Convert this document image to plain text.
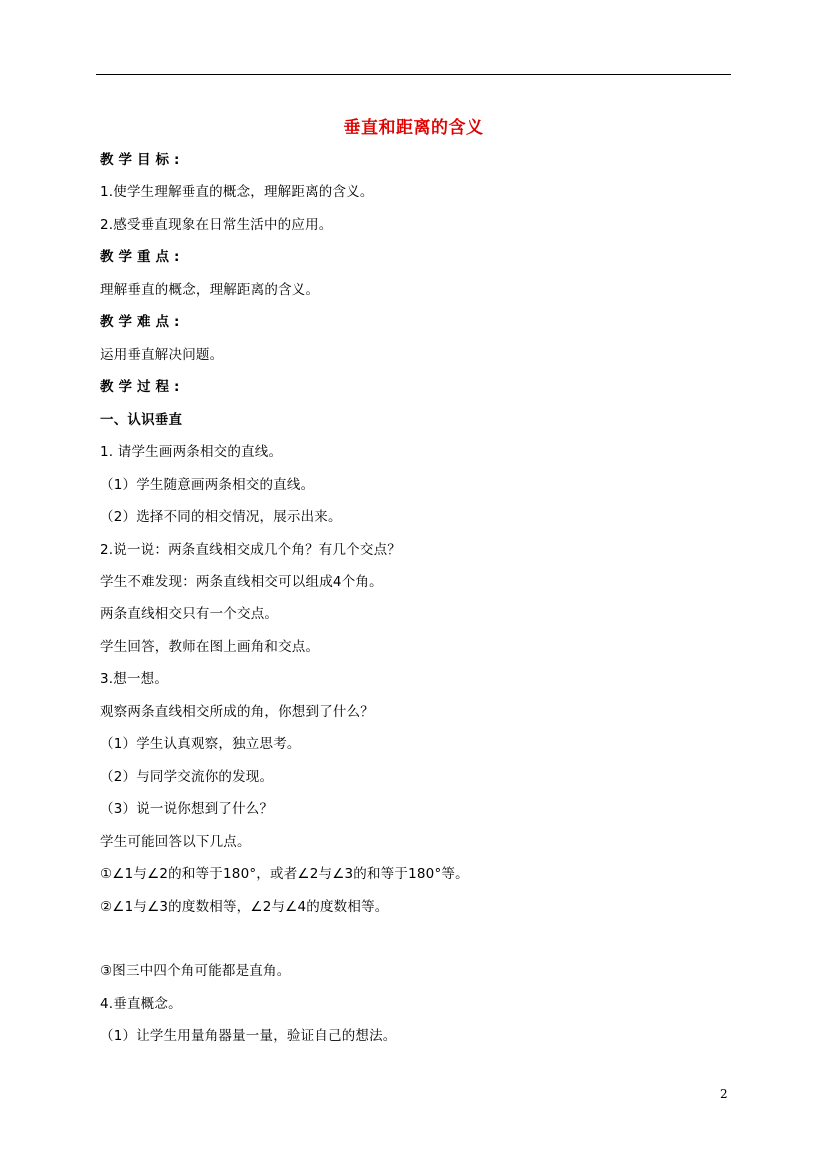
垂直和距离的含义
教学目标:
1.使学生理解垂直的概念，理解距离的含义。
2.感受垂直现象在日常生活中的应用。
教学重点:
理解垂直的概念，理解距离的含义。
教学难点:
运用垂直解决问题。
教学过程:
一、认识垂直
1. 请学生画两条相交的直线。
（1）学生随意画两条相交的直线。
（2）选择不同的相交情况，展示出来。
2.说一说：两条直线相交成几个角？有几个交点？
学生不难发现：两条直线相交可以组成4个角。
两条直线相交只有一个交点。
学生回答，教师在图上画角和交点。
3.想一想。
观察两条直线相交所成的角，你想到了什么？
（1）学生认真观察，独立思考。
（2）与同学交流你的发现。
（3）说一说你想到了什么？
学生可能回答以下几点。
①∠1与∠2的和等于180°，或者∠2与∠3的和等于180°等。
②∠1与∠3的度数相等，∠2与∠4的度数相等。
③图三中四个角可能都是直角。
4.垂直概念。
（1）让学生用量角器量一量，验证自己的想法。
2
